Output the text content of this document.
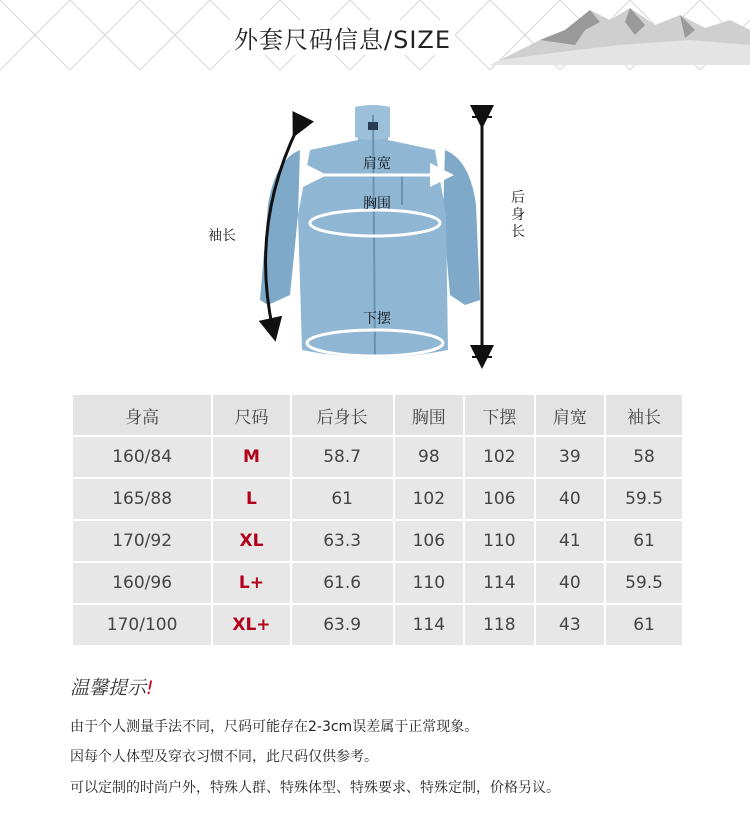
外套尺码信息/SIZE
肩宽
胸围
下摆
袖长
后
身
长
身高	尺码	后身长	胸围	下摆	肩宽	袖长
160/84	M	58.7	98	102	39	58
165/88	L	61	102	106	40	59.5
170/92	XL	63.3	106	110	41	61
160/96	L+	61.6	110	114	40	59.5
170/100	XL+	63.9	114	118	43	61
温馨提示!
由于个人测量手法不同，尺码可能存在2-3cm误差属于正常现象。
因每个人体型及穿衣习惯不同，此尺码仅供参考。
可以定制的时尚户外，特殊人群、特殊体型、特殊要求、特殊定制，价格另议。
